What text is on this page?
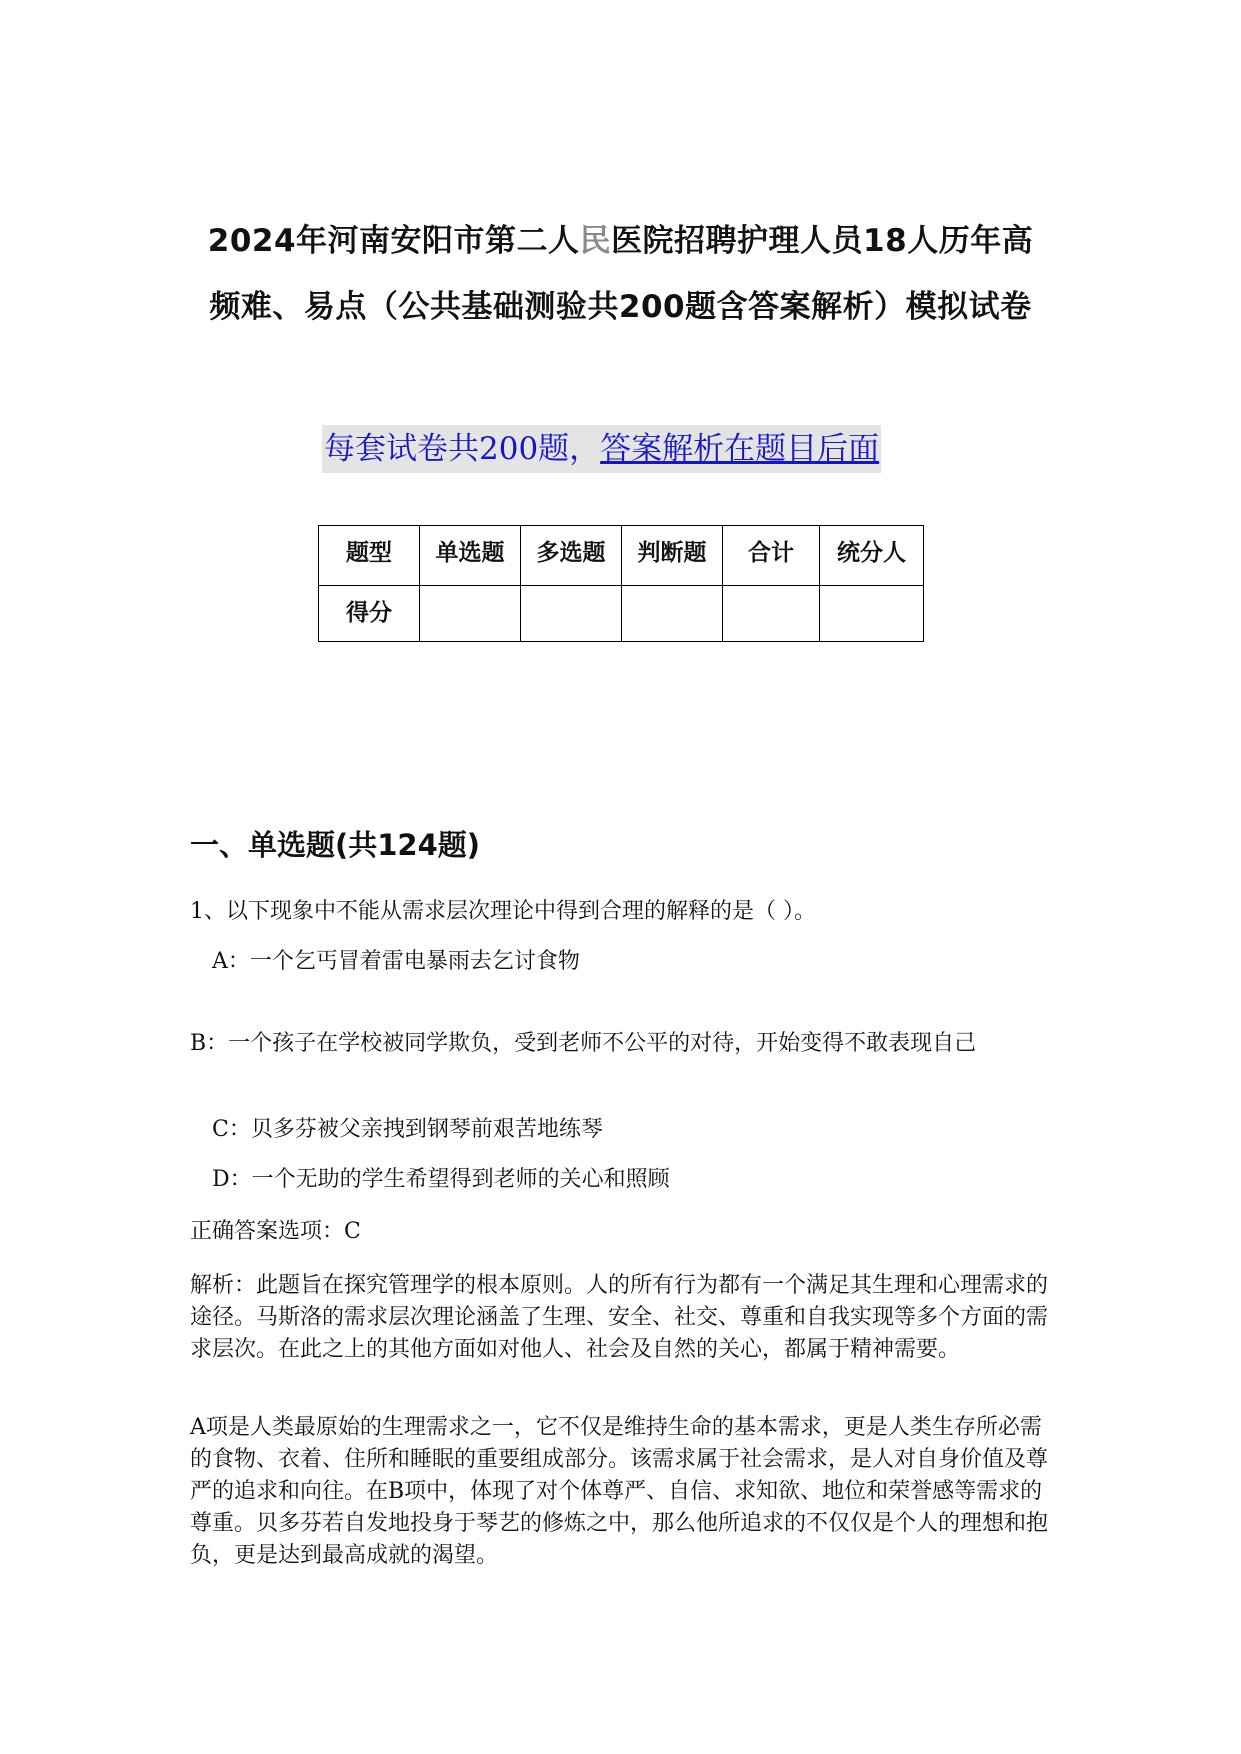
2024年河南安阳市第二人民医院招聘护理人员18人历年高
频难、易点（公共基础测验共200题含答案解析）模拟试卷
每套试卷共200题，答案解析在题目后面
题型	单选题	多选题	判断题	合计	统分人
得分					
一、单选题(共124题)
1、以下现象中不能从需求层次理论中得到合理的解释的是（ ）。
A：一个乞丐冒着雷电暴雨去乞讨食物
B：一个孩子在学校被同学欺负，受到老师不公平的对待，开始变得不敢表现自己
C：贝多芬被父亲拽到钢琴前艰苦地练琴
D：一个无助的学生希望得到老师的关心和照顾
正确答案选项：C
解析：此题旨在探究管理学的根本原则。人的所有行为都有一个满足其生理和心理需求的途径。马斯洛的需求层次理论涵盖了生理、安全、社交、尊重和自我实现等多个方面的需求层次。在此之上的其他方面如对他人、社会及自然的关心，都属于精神需要。
A项是人类最原始的生理需求之一，它不仅是维持生命的基本需求，更是人类生存所必需的食物、衣着、住所和睡眠的重要组成部分。该需求属于社会需求，是人对自身价值及尊严的追求和向往。在B项中，体现了对个体尊严、自信、求知欲、地位和荣誉感等需求的尊重。贝多芬若自发地投身于琴艺的修炼之中，那么他所追求的不仅仅是个人的理想和抱负，更是达到最高成就的渴望。
